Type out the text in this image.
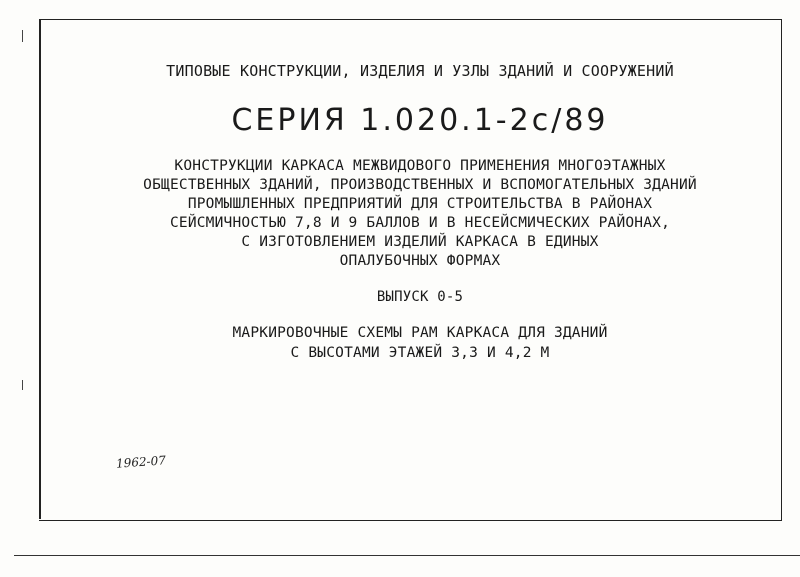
ТИПОВЫЕ КОНСТРУКЦИИ, ИЗДЕЛИЯ И УЗЛЫ ЗДАНИЙ И СООРУЖЕНИЙ
СЕРИЯ 1.020.1-2с/89
КОНСТРУКЦИИ КАРКАСА МЕЖВИДОВОГО ПРИМЕНЕНИЯ МНОГОЭТАЖНЫХ
ОБЩЕСТВЕННЫХ ЗДАНИЙ, ПРОИЗВОДСТВЕННЫХ И ВСПОМОГАТЕЛЬНЫХ ЗДАНИЙ
ПРОМЫШЛЕННЫХ ПРЕДПРИЯТИЙ ДЛЯ СТРОИТЕЛЬСТВА В РАЙОНАХ
СЕЙСМИЧНОСТЬЮ 7,8 И 9 БАЛЛОВ И В НЕСЕЙСМИЧЕСКИХ РАЙОНАХ,
С ИЗГОТОВЛЕНИЕМ ИЗДЕЛИЙ КАРКАСА В ЕДИНЫХ
ОПАЛУБОЧНЫХ ФОРМАХ
ВЫПУСК 0-5
МАРКИРОВОЧНЫЕ СХЕМЫ РАМ КАРКАСА ДЛЯ ЗДАНИЙ
С ВЫСОТАМИ ЭТАЖЕЙ 3,3 И 4,2 М
1962-07
